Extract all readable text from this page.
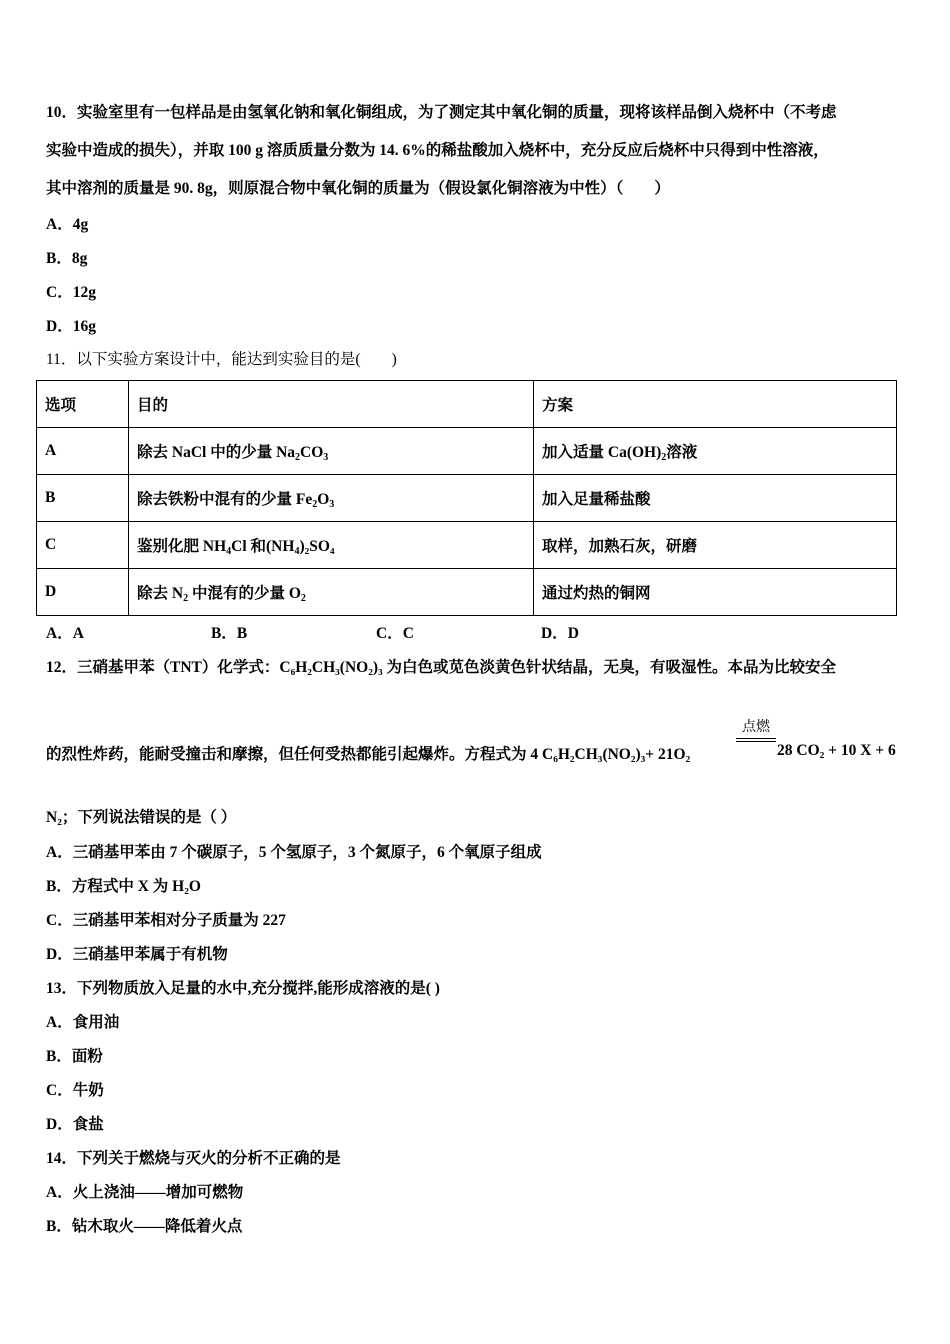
10．实验室里有一包样品是由氢氧化钠和氧化铜组成，为了测定其中氧化铜的质量，现将该样品倒入烧杯中（不考虑
实验中造成的损失），并取 100 g 溶质质量分数为 14. 6%的稀盐酸加入烧杯中，充分反应后烧杯中只得到中性溶液，
其中溶剂的质量是 90. 8g，则原混合物中氧化铜的质量为（假设氯化铜溶液为中性）（　　）
A．4g
B．8g
C．12g
D．16g
11．以下实验方案设计中，能达到实验目的是(　　)
选项	目的	方案
A	除去 NaCl 中的少量 $Na_2CO_3$	加入适量 $Ca(OH)_2$溶液
B	除去铁粉中混有的少量 $Fe_2O_3$	加入足量稀盐酸
C	鉴别化肥 $NH_4Cl$ 和$(NH_4)_2SO_4$	取样，加熟石灰，研磨
D	除去 $N_2$ 中混有的少量 $O_2$	通过灼热的铜网
A．A	B．B	C．C	D．D
12．三硝基甲苯（TNT）化学式：C₆H₂CH₃(NO₂)₃ 为白色或苋色淡黄色针状结晶，无臭，有吸湿性。本品为比较安全
的烈性炸药，能耐受撞击和摩擦，但任何受热都能引起爆炸。方程式为 4 C₆H₂CH₃(NO₂)₃+ 21O₂
点燃
28 CO₂ + 10 X + 6
N₂；下列说法错误的是（ ）
A．三硝基甲苯由 7 个碳原子，5 个氢原子，3 个氮原子，6 个氧原子组成
B．方程式中 X 为 H₂O
C．三硝基甲苯相对分子质量为 227
D．三硝基甲苯属于有机物
13．下列物质放入足量的水中,充分搅拌,能形成溶液的是( )
A．食用油
B．面粉
C．牛奶
D．食盐
14．下列关于燃烧与灭火的分析不正确的是
A．火上浇油——增加可燃物
B．钻木取火——降低着火点
